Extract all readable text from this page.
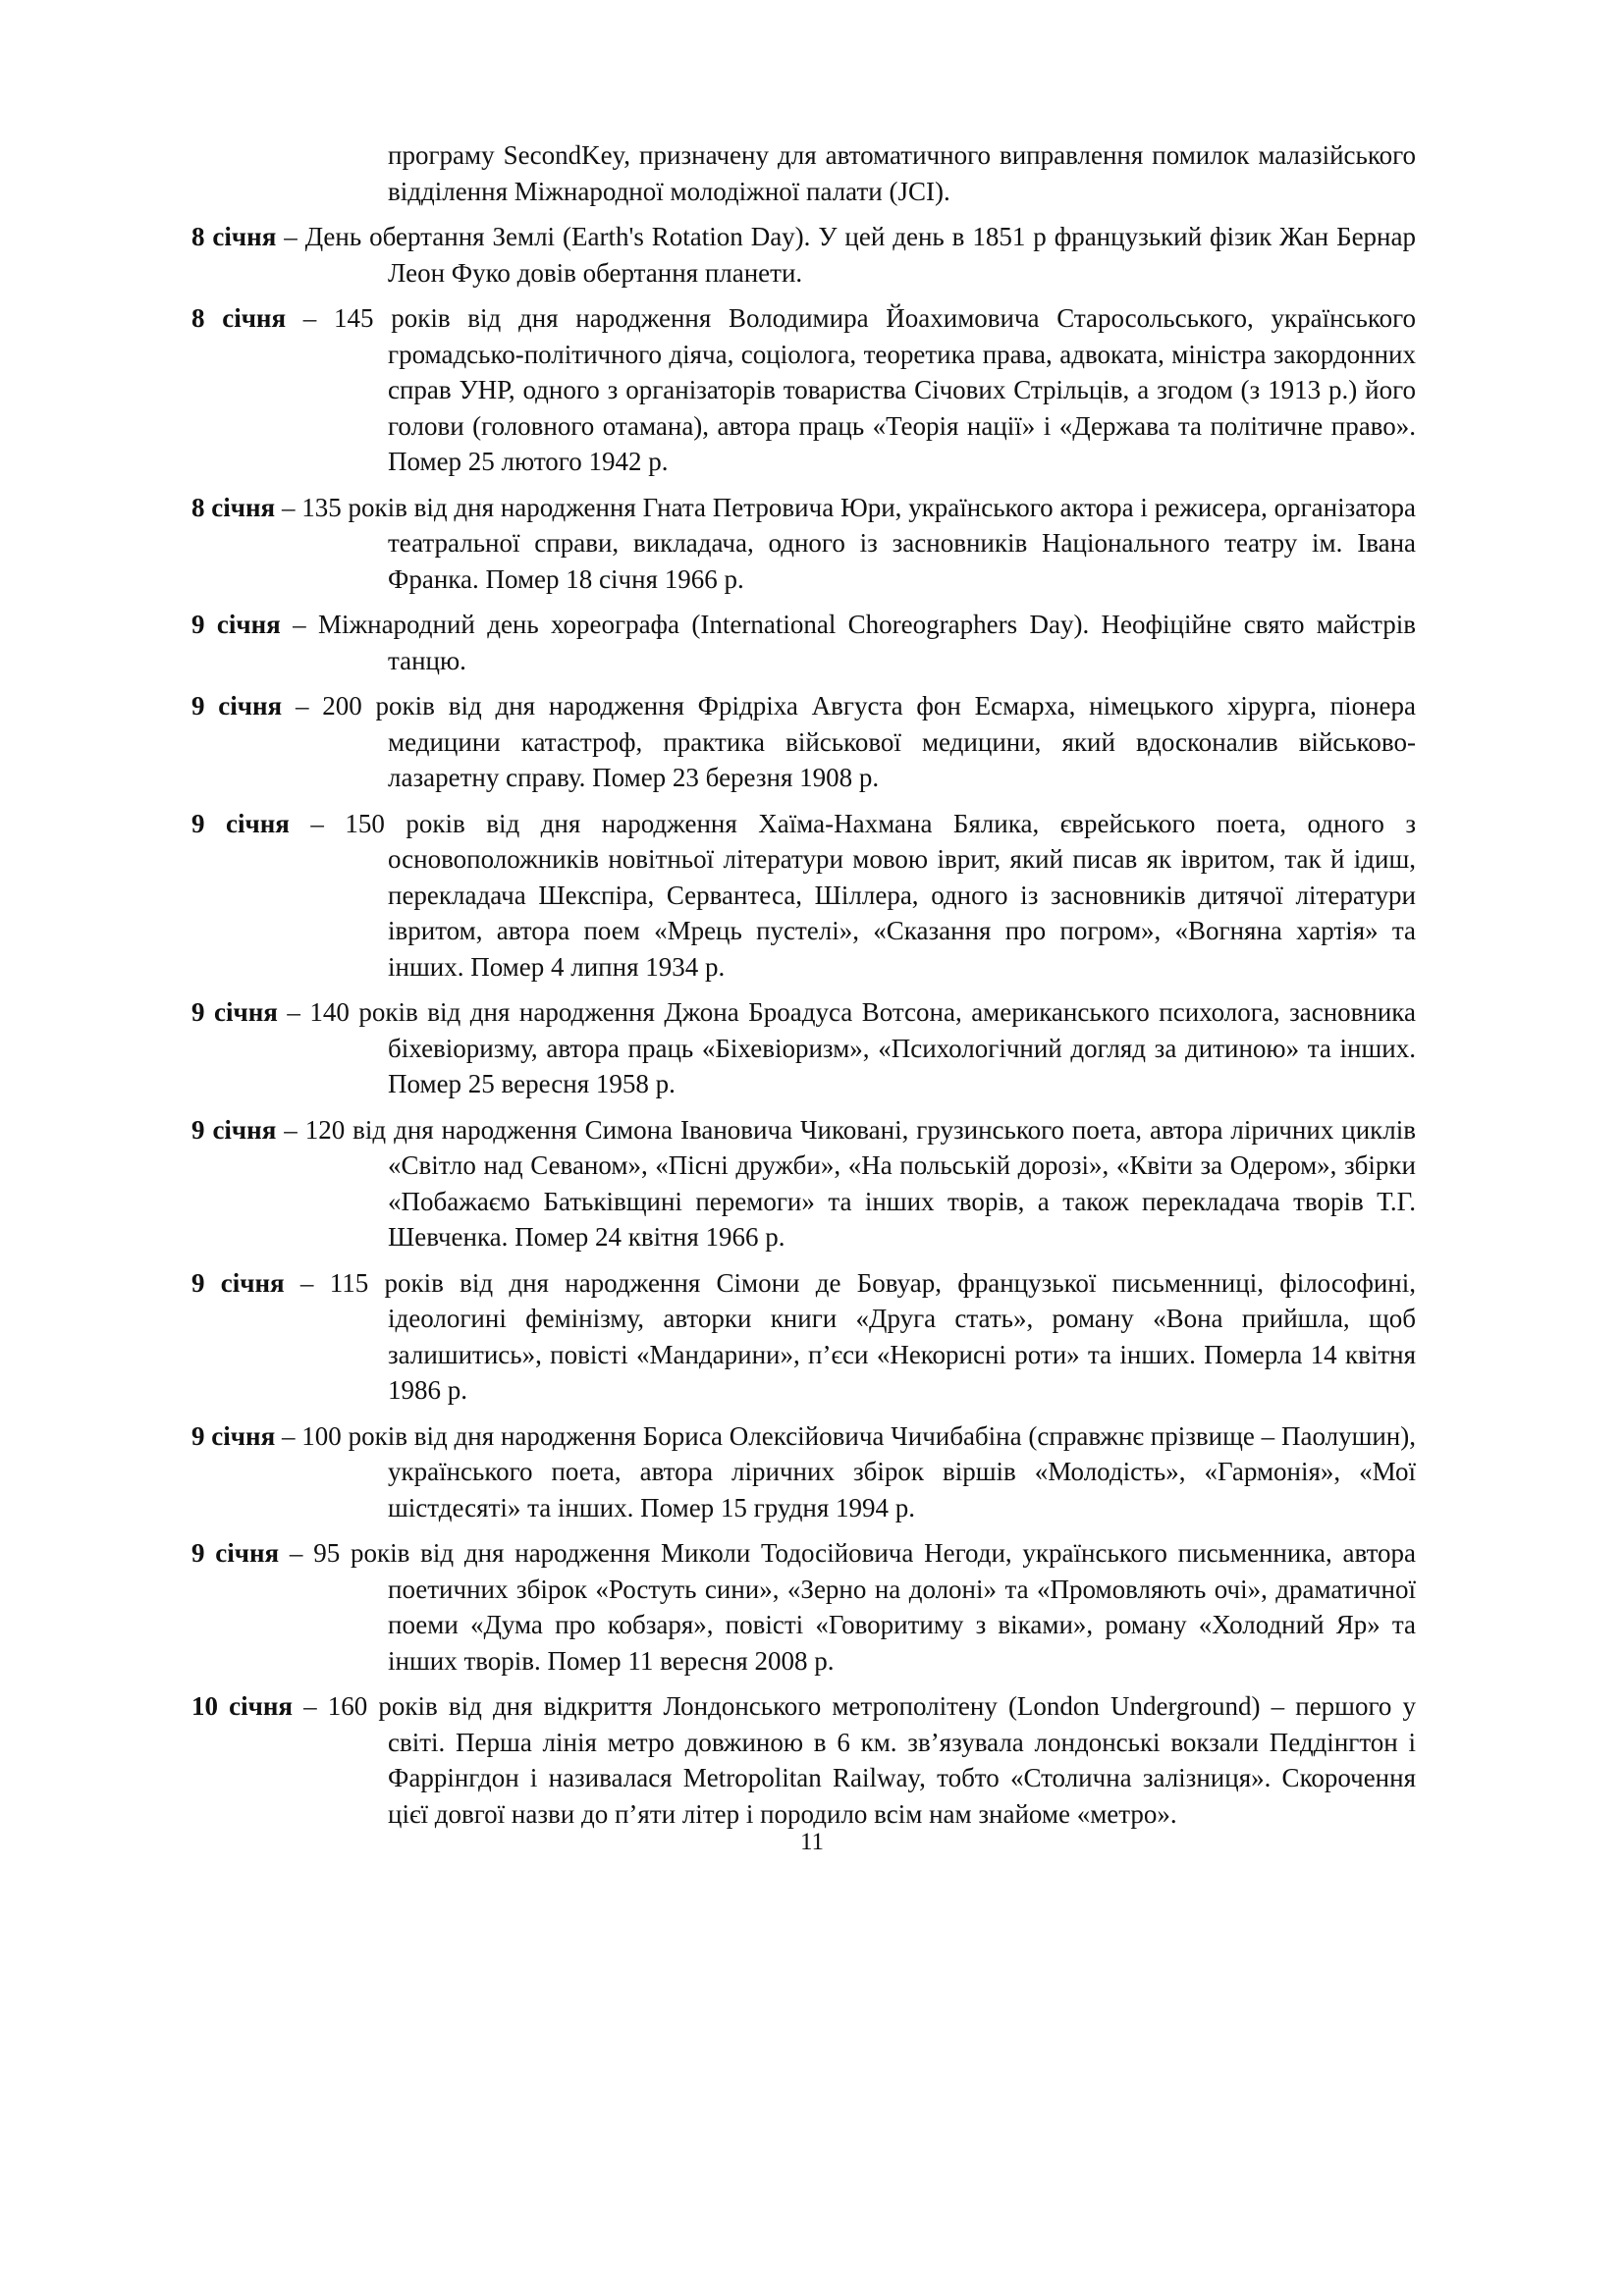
програму SecondKey, призначену для автоматичного виправлення помилок малазійського відділення Міжнародної молодіжної палати (JCI).

8 січня – День обертання Землі (Earth's Rotation Day). У цей день в 1851 р французький фізик Жан Бернар Леон Фуко довів обертання планети.

8 січня – 145 років від дня народження Володимира Йоахимовича Старосольського, українського громадсько-політичного діяча, соціолога, теоретика права, адвоката, міністра закордонних справ УНР, одного з організаторів товариства Січових Стрільців, а згодом (з 1913 р.) його голови (головного отамана), автора праць «Теорія нації» і «Держава та політичне право». Помер 25 лютого 1942 р.

8 січня – 135 років від дня народження Гната Петровича Юри, українського актора і режисера, організатора театральної справи, викладача, одного із засновників Національного театру ім. Івана Франка. Помер 18 січня 1966 р.

9 січня – Міжнародний день хореографа (International Choreographers Day). Неофіційне свято майстрів танцю.

9 січня – 200 років від дня народження Фрідріха Августа фон Есмарха, німецького хірурга, піонера медицини катастроф, практика військової медицини, який вдосконалив військово-лазаретну справу. Помер 23 березня 1908 р.

9 січня – 150 років від дня народження Хаїма-Нахмана Бялика, єврейського поета, одного з основоположників новітньої літератури мовою іврит, який писав як івритом, так й ідиш, перекладача Шекспіра, Сервантеса, Шіллера, одного із засновників дитячої літератури івритом, автора поем «Мрець пустелі», «Сказання про погром», «Вогняна хартія» та інших. Помер 4 липня 1934 р.

9 січня – 140 років від дня народження Джона Броадуса Вотсона, американського психолога, засновника біхевіоризму, автора праць «Біхевіоризм», «Психологічний догляд за дитиною» та інших. Помер 25 вересня 1958 р.

9 січня – 120 від дня народження Симона Івановича Чиковані, грузинського поета, автора ліричних циклів «Світло над Севаном», «Пісні дружби», «На польській дорозі», «Квіти за Одером», збірки «Побажаємо Батьківщині перемоги» та інших творів, а також перекладача творів Т.Г. Шевченка. Помер 24 квітня 1966 р.

9 січня – 115 років від дня народження Сімони де Бовуар, французької письменниці, філософині, ідеологині фемінізму, авторки книги «Друга стать», роману «Вона прийшла, щоб залишитись», повісті «Мандарини», п’єси «Некорисні роти» та інших. Померла 14 квітня 1986 р.

9 січня – 100 років від дня народження Бориса Олексійовича Чичибабіна (справжнє прізвище – Паолушин), українського поета, автора ліричних збірок віршів «Молодість», «Гармонія», «Мої шістдесяті» та інших. Помер 15 грудня 1994 р.

9 січня – 95 років від дня народження Миколи Тодосійовича Негоди, українського письменника, автора поетичних збірок «Ростуть сини», «Зерно на долоні» та «Промовляють очі», драматичної поеми «Дума про кобзаря», повісті «Говоритиму з віками», роману «Холодний Яр» та інших творів. Помер 11 вересня 2008 р.

10 січня – 160 років від дня відкриття Лондонського метрополітену (London Underground) – першого у світі. Перша лінія метро довжиною в 6 км. зв’язувала лондонські вокзали Педдінгтон і Фаррінгдон і називалася Metropolitan Railway, тобто «Столична залізниця». Скорочення цієї довгої назви до п’яти літер і породило всім нам знайоме «метро».

11
